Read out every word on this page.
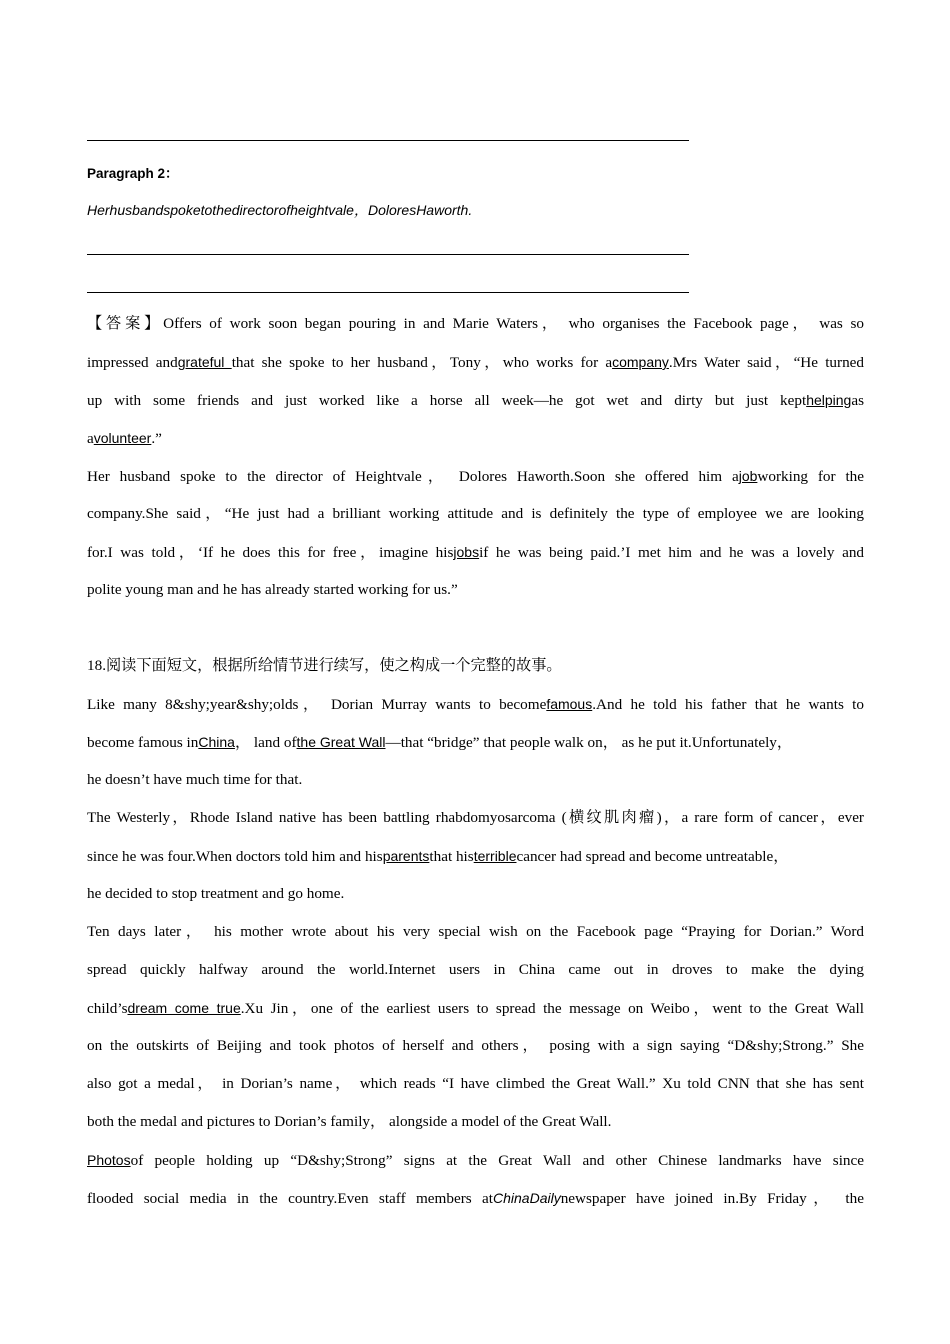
Paragraph 2：
Herhusbandspoketothedirectorofheightvale，DoloresHaworth.
【答案】Offers of work soon began pouring in and Marie Waters， who organises the Facebook page， was so
impressed andgrateful that she spoke to her husband，Tony，who works for acompany.Mrs Water said，“He turned
up with some friends and just worked like a horse all week—he got wet and dirty but just kepthelpingas
avolunteer.”
Her husband spoke to the director of Heightvale， Dolores Haworth.Soon she offered him ajobworking for the
company.She said，“He just had a brilliant working attitude and is definitely the type of employee we are looking
for.I was told，‘If he does this for free，imagine hisjobsif he was being paid.’I met him and he was a lovely and
polite young man and he has already started working for us.”
18.阅读下面短文，根据所给情节进行续写，使之构成一个完整的故事。
Like many 8&shy;year&shy;olds， Dorian Murray wants to becomefamous.And he told his father that he wants to
become famous inChina， land ofthe Great Wall—that “bridge” that people walk on， as he put it.Unfortunately，
he doesn’t have much time for that.
The Westerly，Rhode Island native has been battling rhabdomyosarcoma (横纹肌肉瘤)，a rare form of cancer，ever
since he was four.When doctors told him and hisparentsthat histerriblecancer had spread and become untreatable，
he decided to stop treatment and go home.
Ten days later， his mother wrote about his very special wish on the Facebook page “Praying for Dorian.” Word
spread quickly halfway around the world.Internet users in China came out in droves to make the dying
child’sdream come true.Xu Jin，one of the earliest users to spread the message on Weibo，went to the Great Wall
on the outskirts of Beijing and took photos of herself and others， posing with a sign saying “D&shy;Strong.” She
also got a medal， in Dorian’s name， which reads “I have climbed the Great Wall.” Xu told CNN that she has sent
both the medal and pictures to Dorian’s family， alongside a model of the Great Wall.
Photosof people holding up “D&shy;Strong” signs at the Great Wall and other Chinese landmarks have since
flooded social media in the country.Even staff members atChinaDailynewspaper have joined in.By Friday， the
